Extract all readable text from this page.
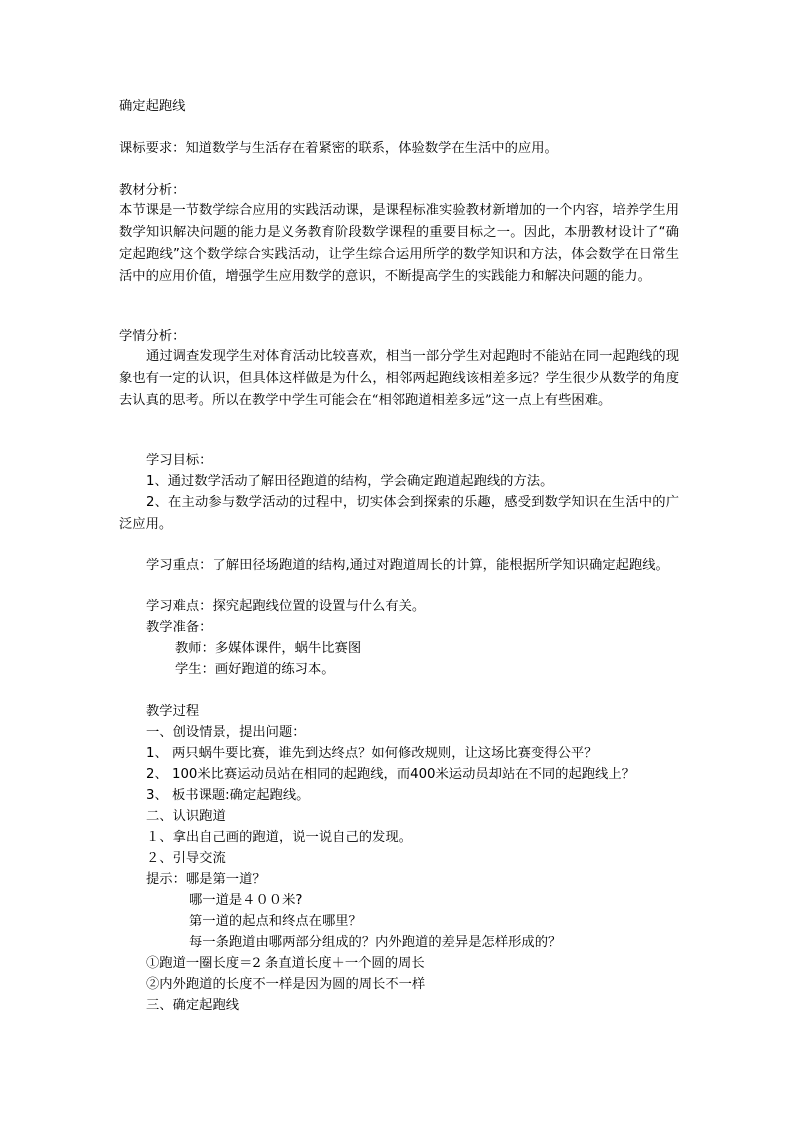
确定起跑线
课标要求：知道数学与生活存在着紧密的联系，体验数学在生活中的应用。
教材分析：
本节课是一节数学综合应用的实践活动课，是课程标准实验教材新增加的一个内容，培养学生用数学知识解决问题的能力是义务教育阶段数学课程的重要目标之一。因此，本册教材设计了“确定起跑线”这个数学综合实践活动，让学生综合运用所学的数学知识和方法，体会数学在日常生活中的应用价值，增强学生应用数学的意识，不断提高学生的实践能力和解决问题的能力。
学情分析：
通过调查发现学生对体育活动比较喜欢，相当一部分学生对起跑时不能站在同一起跑线的现象也有一定的认识，但具体这样做是为什么，相邻两起跑线该相差多远？学生很少从数学的角度去认真的思考。所以在教学中学生可能会在“相邻跑道相差多远”这一点上有些困难。
学习目标：
1、通过数学活动了解田径跑道的结构，学会确定跑道起跑线的方法。
2、在主动参与数学活动的过程中，切实体会到探索的乐趣，感受到数学知识在生活中的广泛应用。
学习重点：了解田径场跑道的结构,通过对跑道周长的计算，能根据所学知识确定起跑线。
学习难点：探究起跑线位置的设置与什么有关。
教学准备：
教师：多媒体课件，蜗牛比赛图
学生：画好跑道的练习本。
教学过程
一、创设情景，提出问题：
1、 两只蜗牛要比赛，谁先到达终点？如何修改规则，让这场比赛变得公平？
2、 100米比赛运动员站在相同的起跑线，而400米运动员却站在不同的起跑线上？
3、 板书课题:确定起跑线。
二、认识跑道
１、拿出自己画的跑道，说一说自己的发现。
２、引导交流
提示：哪是第一道？
哪一道是４００米?
第一道的起点和终点在哪里？
每一条跑道由哪两部分组成的？内外跑道的差异是怎样形成的？
①跑道一圈长度＝2 条直道长度＋一个圆的周长
②内外跑道的长度不一样是因为圆的周长不一样
三、确定起跑线
